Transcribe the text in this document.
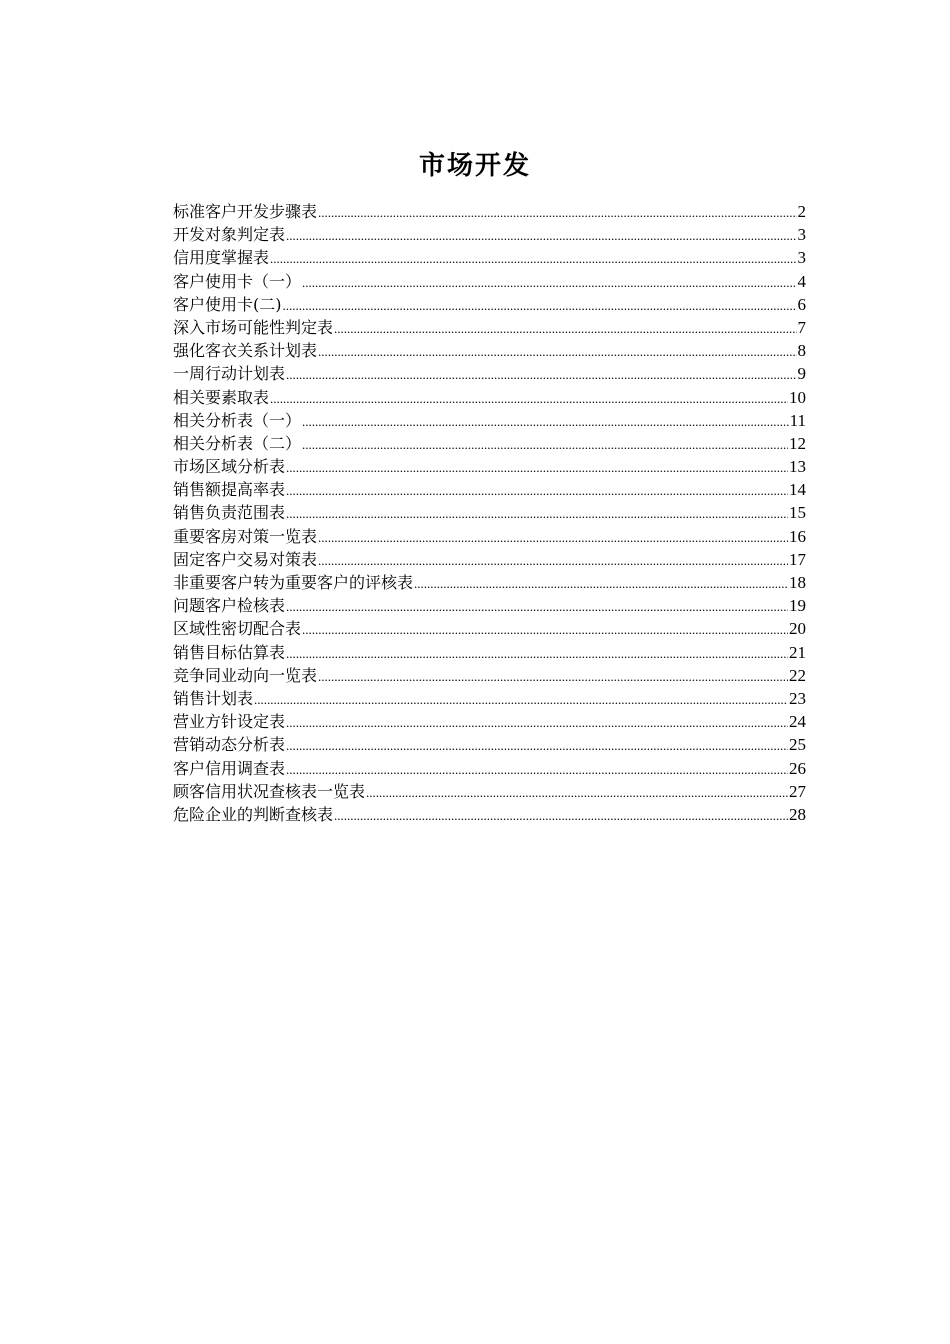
市场开发
标准客户开发步骤表 .....	2
开发对象判定表 .....	3
信用度掌握表 .....	3
客户使用卡（一） .....	4
客户使用卡(二) .....	6
深入市场可能性判定表 .....	7
强化客衣关系计划表 .....	8
一周行动计划表 .....	9
相关要素取表 .....	10
相关分析表（一） .....	11
相关分析表（二） .....	12
市场区域分析表 .....	13
销售额提高率表 .....	14
销售负责范围表 .....	15
重要客房对策一览表 .....	16
固定客户交易对策表 .....	17
非重要客户转为重要客户的评核表 .....	18
问题客户检核表 .....	19
区域性密切配合表 .....	20
销售目标估算表 .....	21
竞争同业动向一览表 .....	22
销售计划表 .....	23
营业方针设定表 .....	24
营销动态分析表 .....	25
客户信用调查表 .....	26
顾客信用状况查核表一览表 .....	27
危险企业的判断查核表 .....	28
